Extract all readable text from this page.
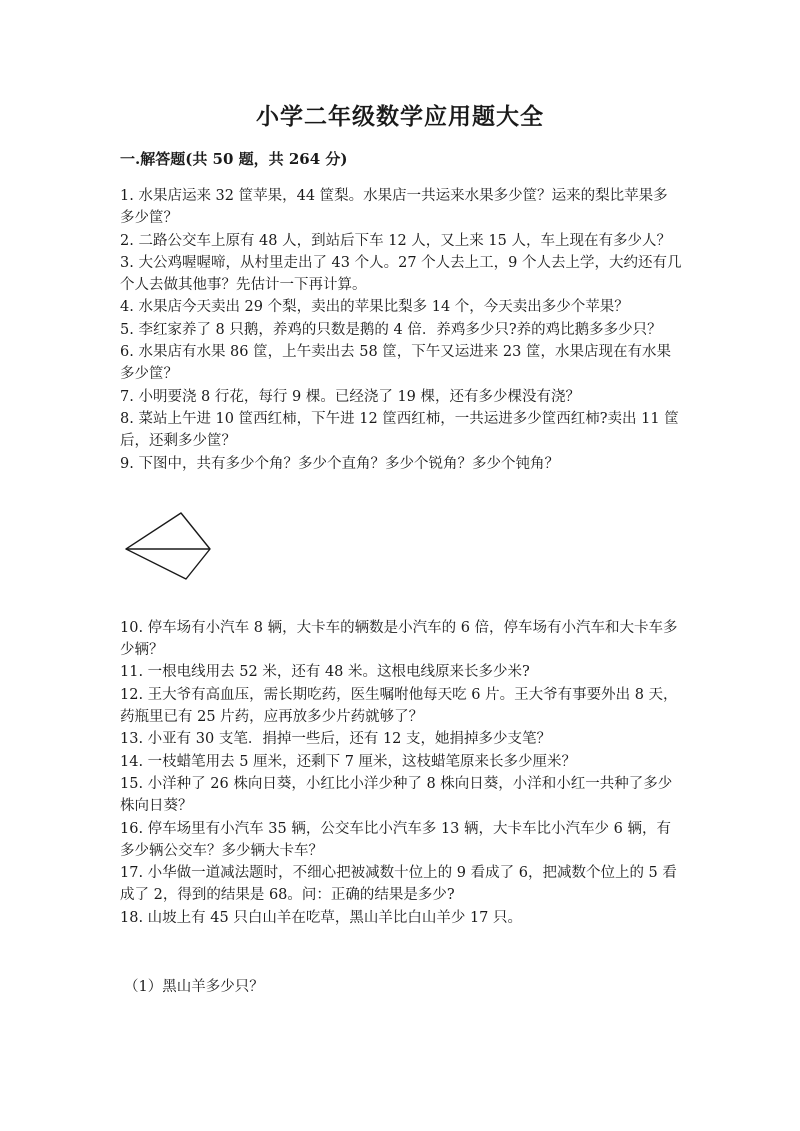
小学二年级数学应用题大全
一.解答题(共 50 题，共 264 分)

1. 水果店运来 32 筐苹果，44 筐梨。水果店一共运来水果多少筐？运来的梨比苹果多多少筐？

2. 二路公交车上原有 48 人，到站后下车 12 人，又上来 15 人，车上现在有多少人？

3. 大公鸡喔喔啼，从村里走出了 43 个人。27 个人去上工，9 个人去上学，大约还有几个人去做其他事？先估计一下再计算。

4. 水果店今天卖出 29 个梨，卖出的苹果比梨多 14 个，今天卖出多少个苹果？

5. 李红家养了 8 只鹅，养鸡的只数是鹅的 4 倍．养鸡多少只?养的鸡比鹅多多少只？

6. 水果店有水果 86 筐，上午卖出去 58 筐，下午又运进来 23 筐，水果店现在有水果多少筐？

7. 小明要浇 8 行花，每行 9 棵。已经浇了 19 棵，还有多少棵没有浇？

8. 菜站上午进 10 筐西红柿，下午进 12 筐西红柿，一共运进多少筐西红柿?卖出 11 筐后，还剩多少筐？

9. 下图中，共有多少个角？多少个直角？多少个锐角？多少个钝角？

10. 停车场有小汽车 8 辆，大卡车的辆数是小汽车的 6 倍，停车场有小汽车和大卡车多少辆？

11. 一根电线用去 52 米，还有 48 米。这根电线原来长多少米?

12. 王大爷有高血压，需长期吃药，医生嘱咐他每天吃 6 片。王大爷有事要外出 8 天，药瓶里已有 25 片药，应再放多少片药就够了？

13. 小亚有 30 支笔．捐掉一些后，还有 12 支，她捐掉多少支笔？

14. 一枝蜡笔用去 5 厘米，还剩下 7 厘米，这枝蜡笔原来长多少厘米？

15. 小洋种了 26 株向日葵，小红比小洋少种了 8 株向日葵，小洋和小红一共种了多少株向日葵？

16. 停车场里有小汽车 35 辆，公交车比小汽车多 13 辆，大卡车比小汽车少 6 辆，有多少辆公交车？多少辆大卡车？

17. 小华做一道减法题时，不细心把被减数十位上的 9 看成了 6，把减数个位上的 5 看成了 2，得到的结果是 68。问：正确的结果是多少?

18. 山坡上有 45 只白山羊在吃草，黑山羊比白山羊少 17 只。

（1）黑山羊多少只？
